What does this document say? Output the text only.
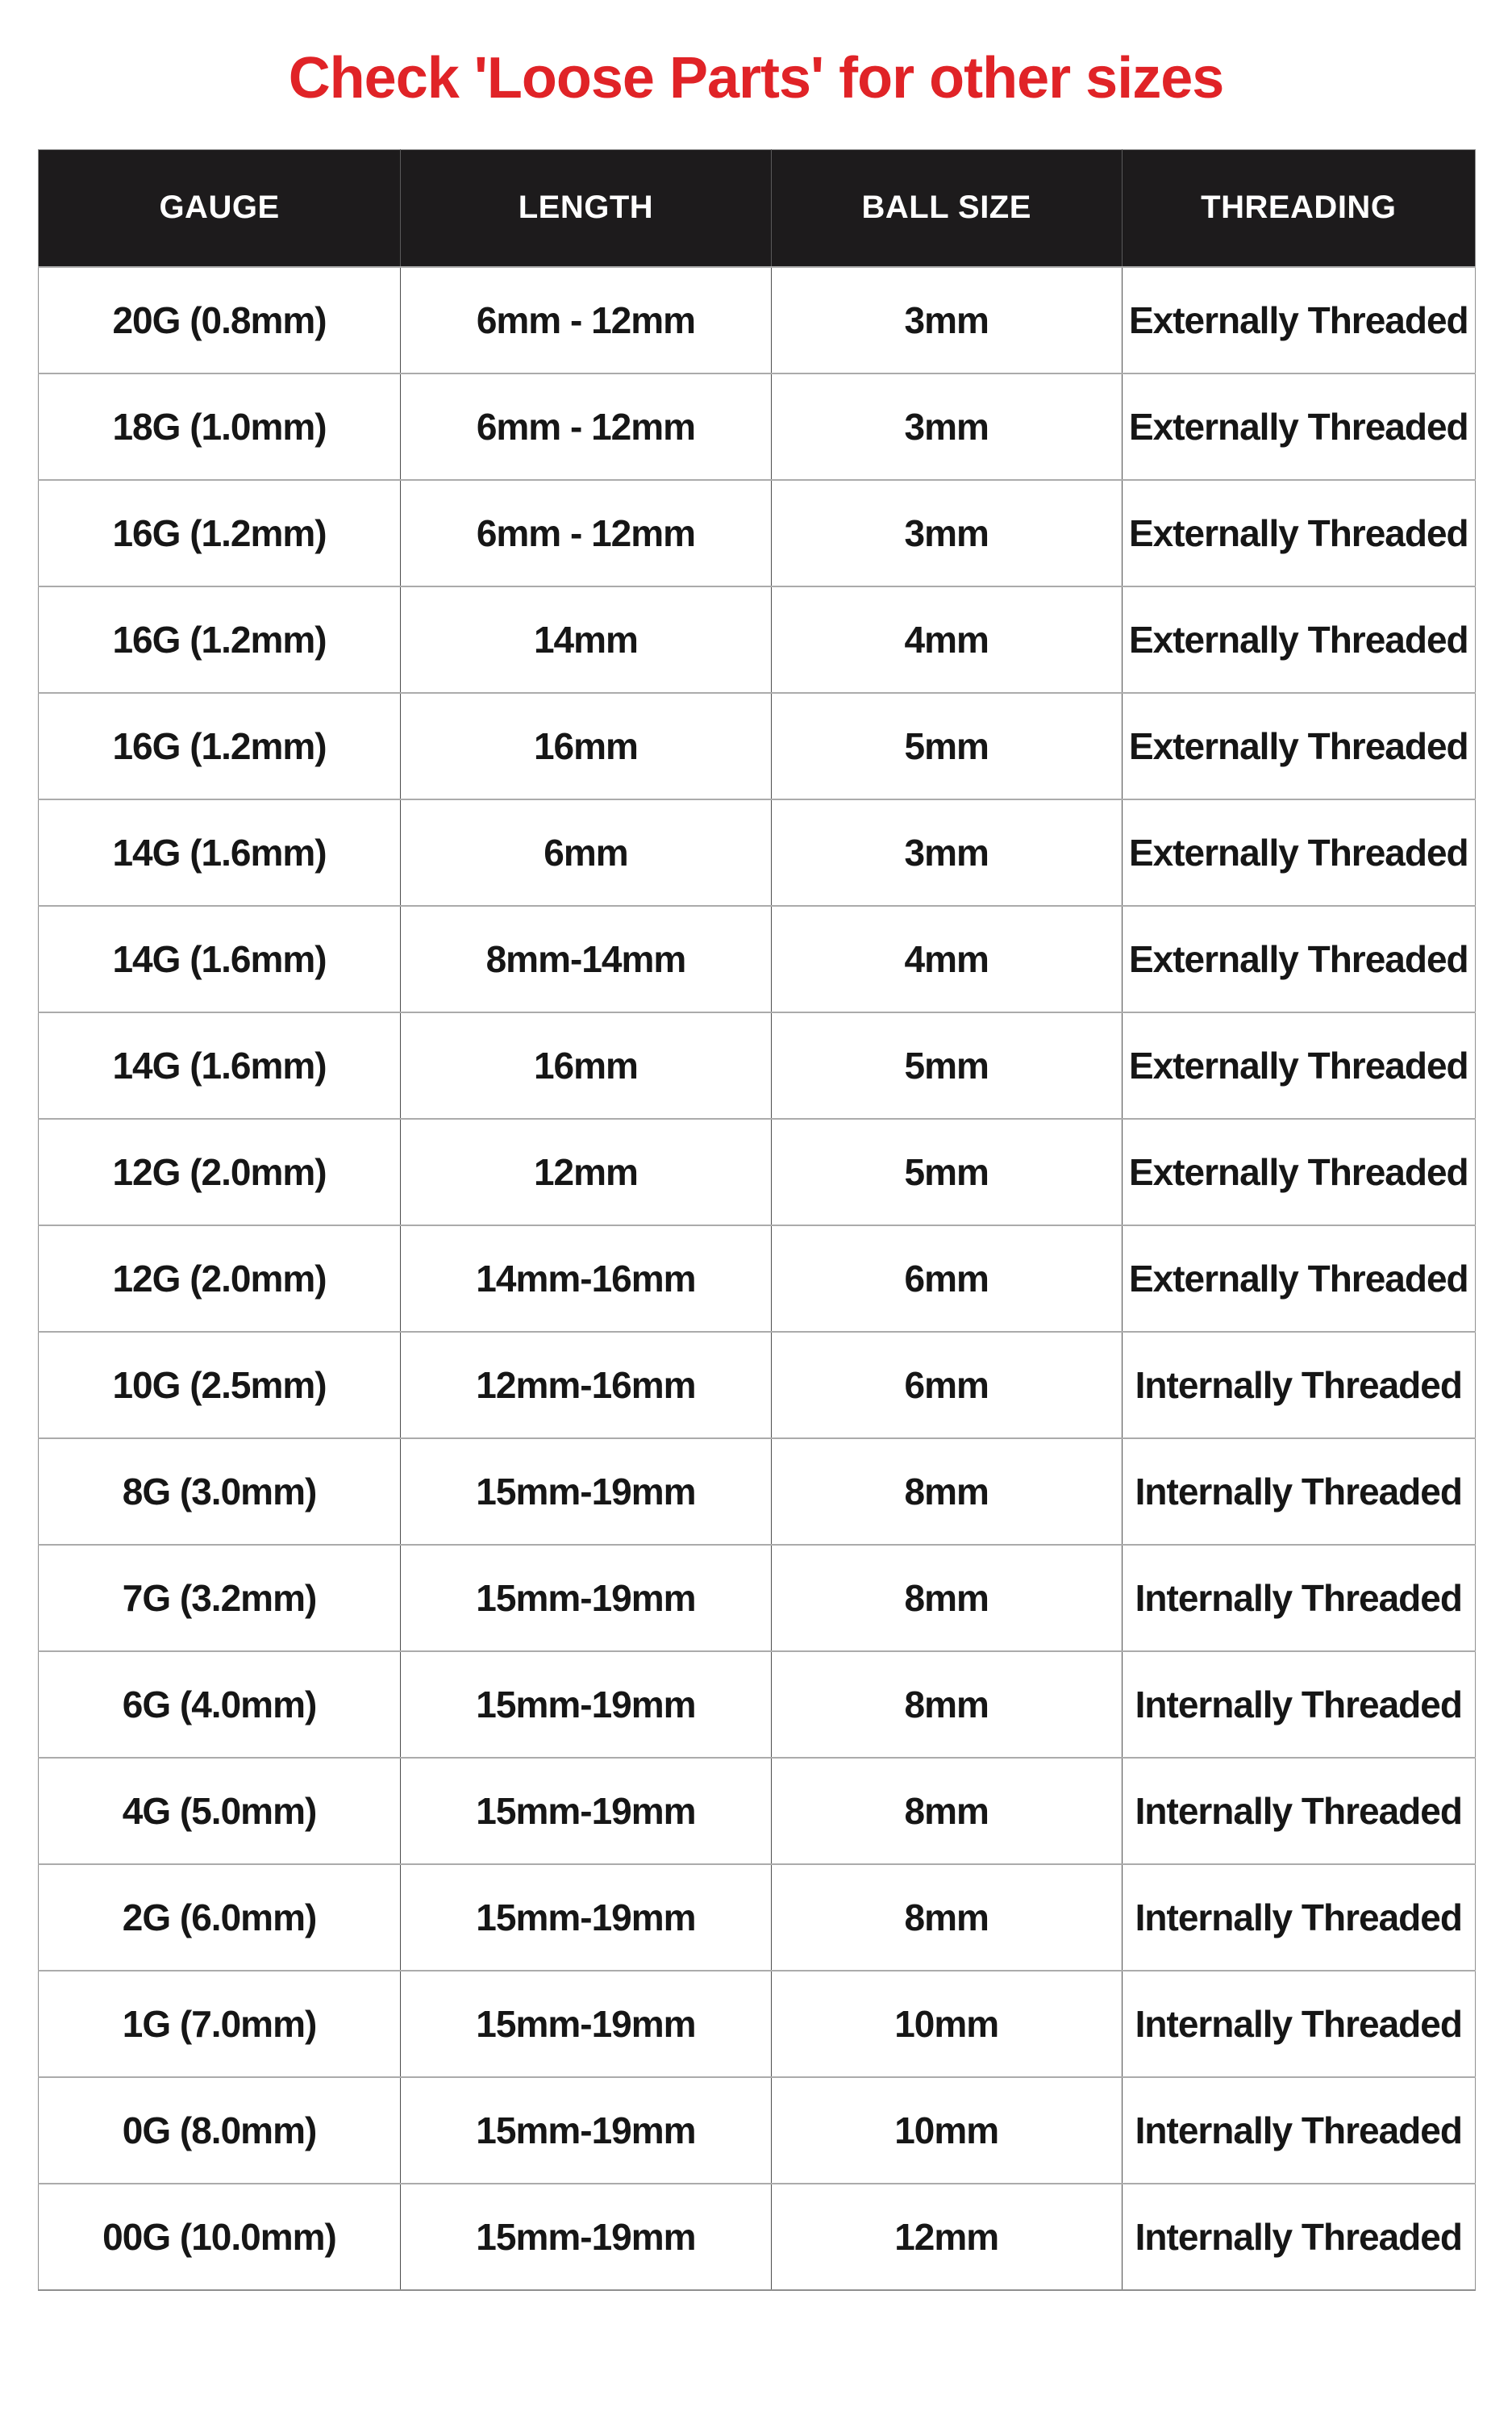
Check 'Loose Parts' for other sizes
GAUGE	LENGTH	BALL SIZE	THREADING
20G (0.8mm)	6mm - 12mm	3mm	Externally Threaded
18G (1.0mm)	6mm - 12mm	3mm	Externally Threaded
16G (1.2mm)	6mm - 12mm	3mm	Externally Threaded
16G (1.2mm)	14mm	4mm	Externally Threaded
16G (1.2mm)	16mm	5mm	Externally Threaded
14G (1.6mm)	6mm	3mm	Externally Threaded
14G (1.6mm)	8mm-14mm	4mm	Externally Threaded
14G (1.6mm)	16mm	5mm	Externally Threaded
12G (2.0mm)	12mm	5mm	Externally Threaded
12G (2.0mm)	14mm-16mm	6mm	Externally Threaded
10G (2.5mm)	12mm-16mm	6mm	Internally Threaded
8G (3.0mm)	15mm-19mm	8mm	Internally Threaded
7G (3.2mm)	15mm-19mm	8mm	Internally Threaded
6G (4.0mm)	15mm-19mm	8mm	Internally Threaded
4G (5.0mm)	15mm-19mm	8mm	Internally Threaded
2G (6.0mm)	15mm-19mm	8mm	Internally Threaded
1G (7.0mm)	15mm-19mm	10mm	Internally Threaded
0G (8.0mm)	15mm-19mm	10mm	Internally Threaded
00G (10.0mm)	15mm-19mm	12mm	Internally Threaded
